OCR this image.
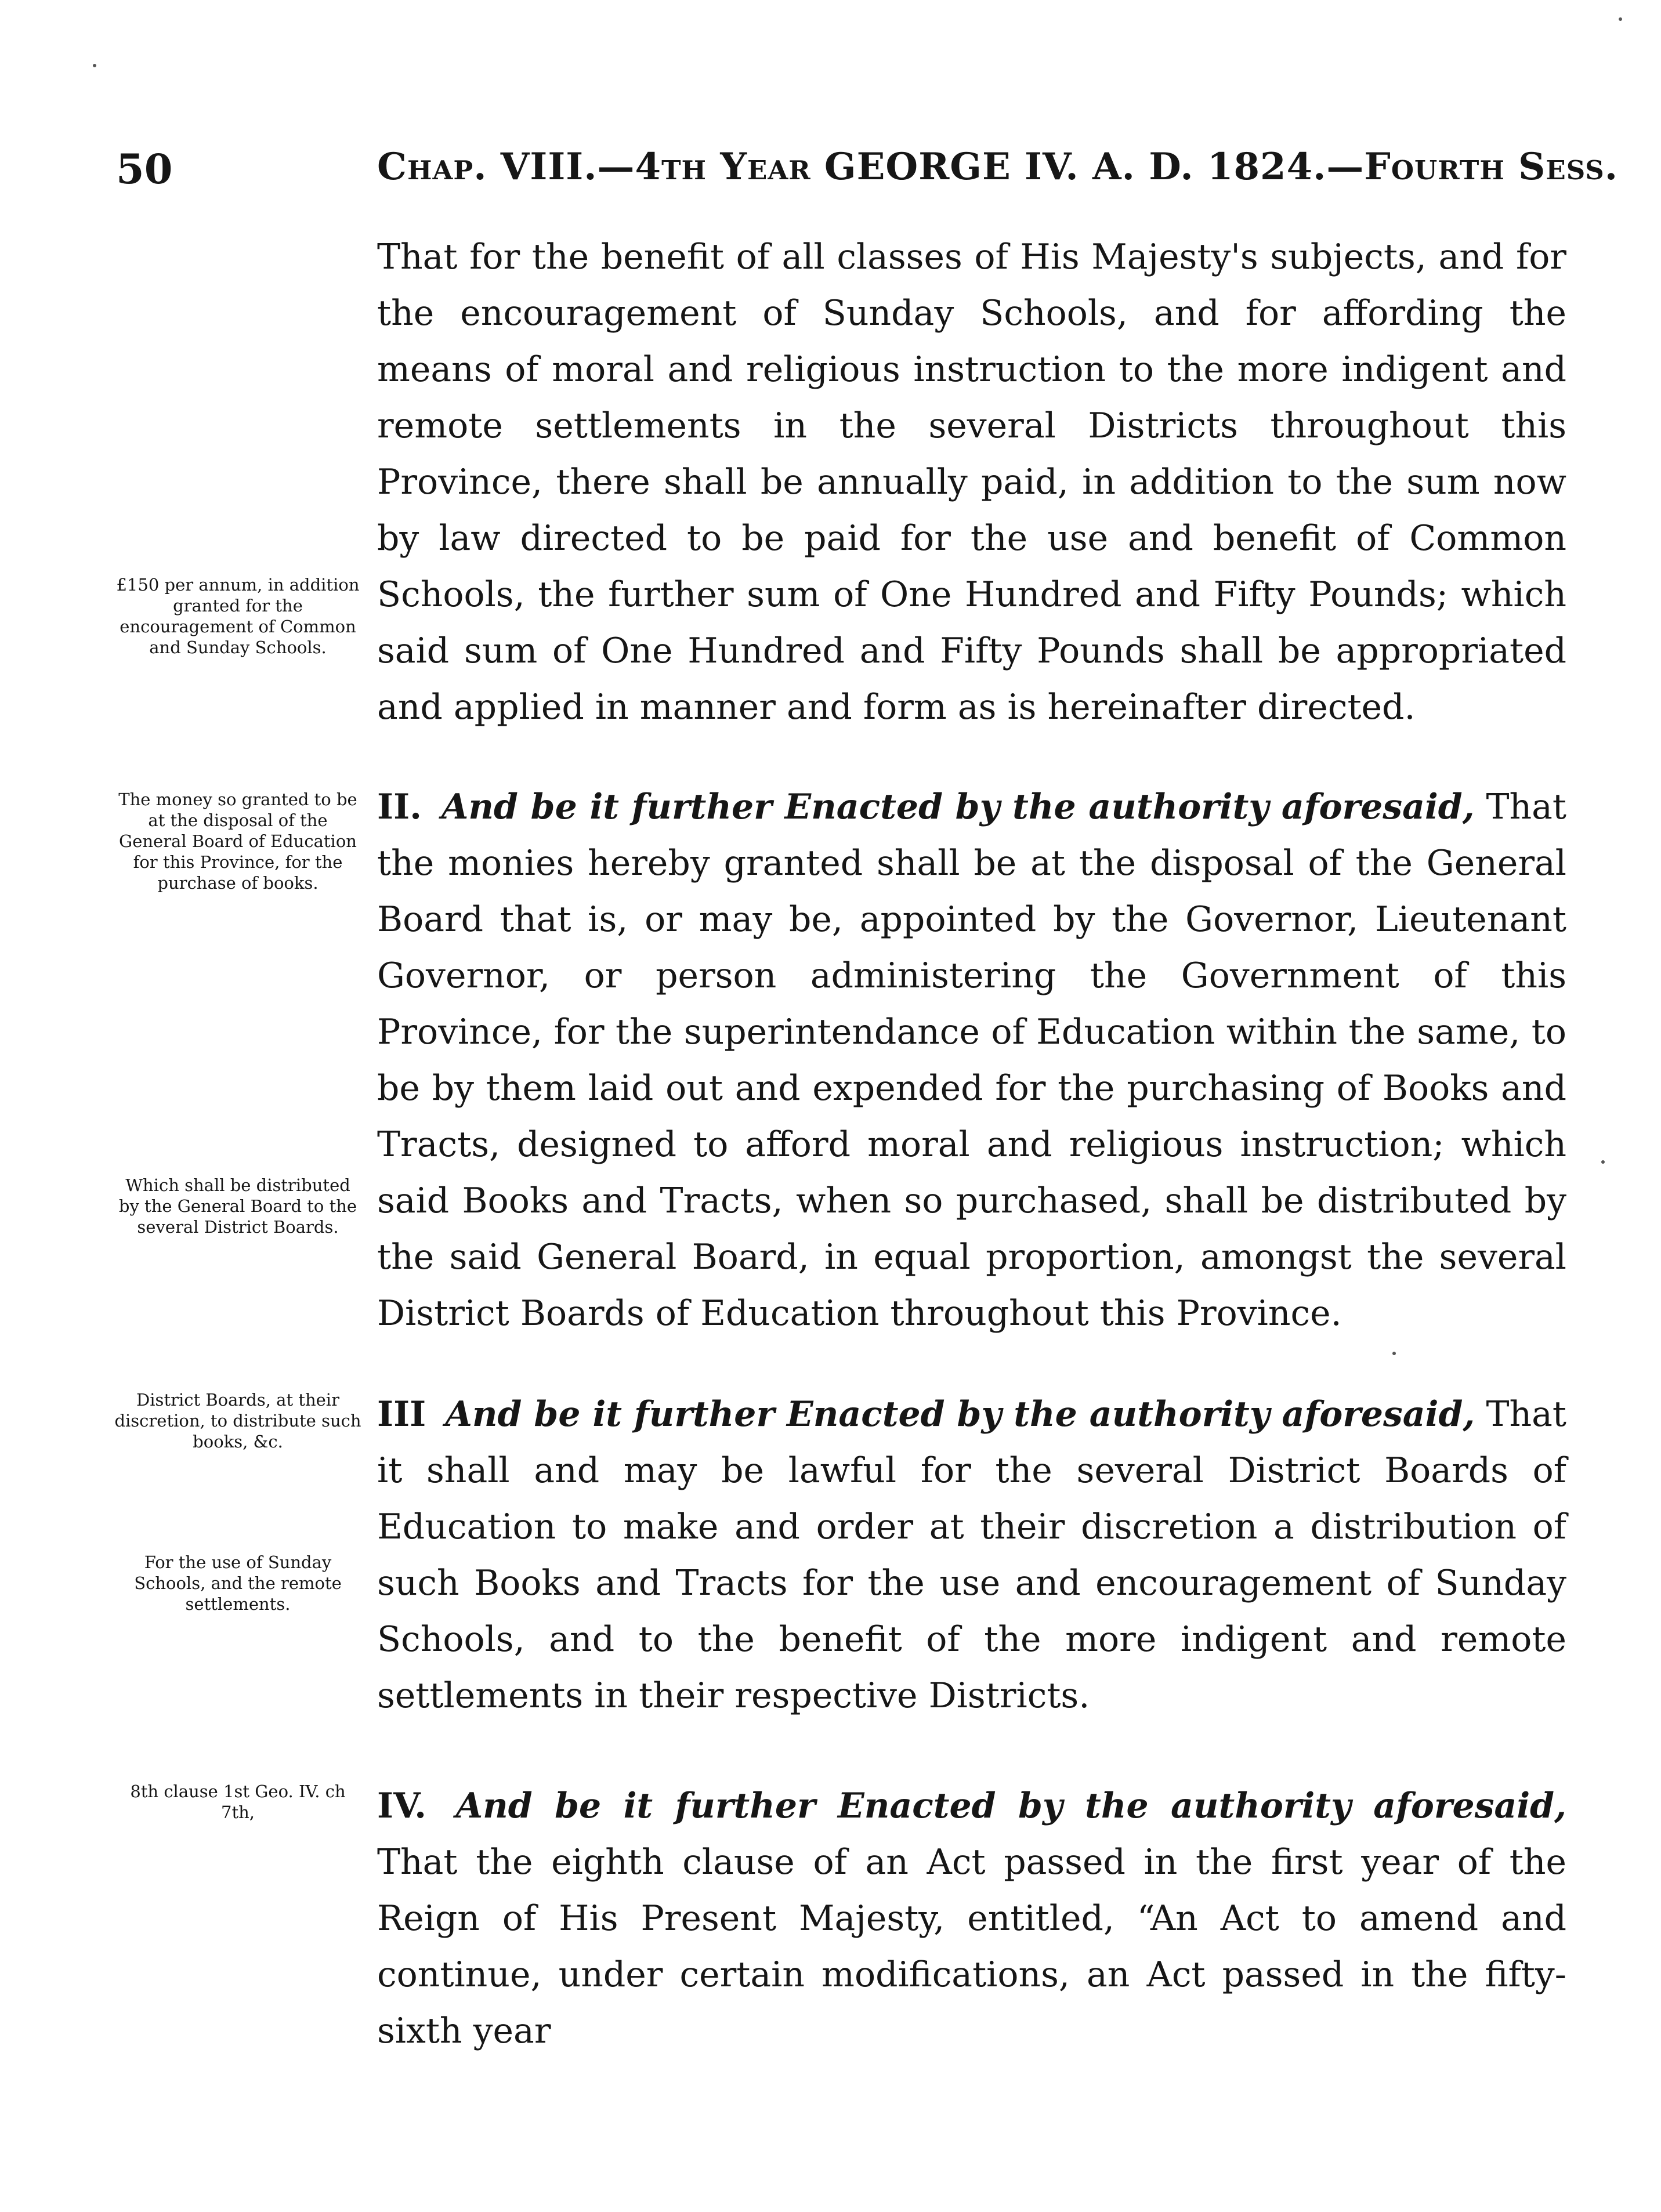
50	Chap. VIII.—4th Year GEORGE IV. A. D. 1824.—Fourth Sess.

That for the benefit of all classes of His Majesty's subjects, and for the encouragement of Sunday Schools, and for affording the means of moral and religious instruction to the more indigent and remote settlements in the several Districts throughout this Province, there shall be annually paid, in addition to the sum now by law directed to be paid for the use and benefit of Common Schools, the further sum of One Hundred and Fifty Pounds; which said sum of One Hundred and Fifty Pounds shall be appropriated and applied in manner and form as is hereinafter directed.

II. And be it further Enacted by the authority aforesaid, That the monies hereby granted shall be at the disposal of the General Board that is, or may be, appointed by the Governor, Lieutenant Governor, or person administering the Government of this Province, for the superintendance of Education within the same, to be by them laid out and expended for the purchasing of Books and Tracts, designed to afford moral and religious instruction; which said Books and Tracts, when so purchased, shall be distributed by the said General Board, in equal proportion, amongst the several District Boards of Education throughout this Province.

III And be it further Enacted by the authority aforesaid, That it shall and may be lawful for the several District Boards of Education to make and order at their discretion a distribution of such Books and Tracts for the use and encouragement of Sunday Schools, and to the benefit of the more indigent and remote settlements in their respective Districts.

IV. And be it further Enacted by the authority aforesaid, That the eighth clause of an Act passed in the first year of the Reign of His Present Majesty, entitled, “An Act to amend and continue, under certain modifications, an Act passed in the fifty-sixth year

£150 per annum, in addition granted for the encouragement of Common and Sunday Schools.

The money so granted to be at the disposal of the General Board of Education for this Province, for the purchase of books.

Which shall be distributed by the General Board to the several District Boards.

District Boards, at their discretion, to distribute such books, &c.

For the use of Sunday Schools, and the remote settlements.

8th clause 1st Geo. IV. ch 7th,
